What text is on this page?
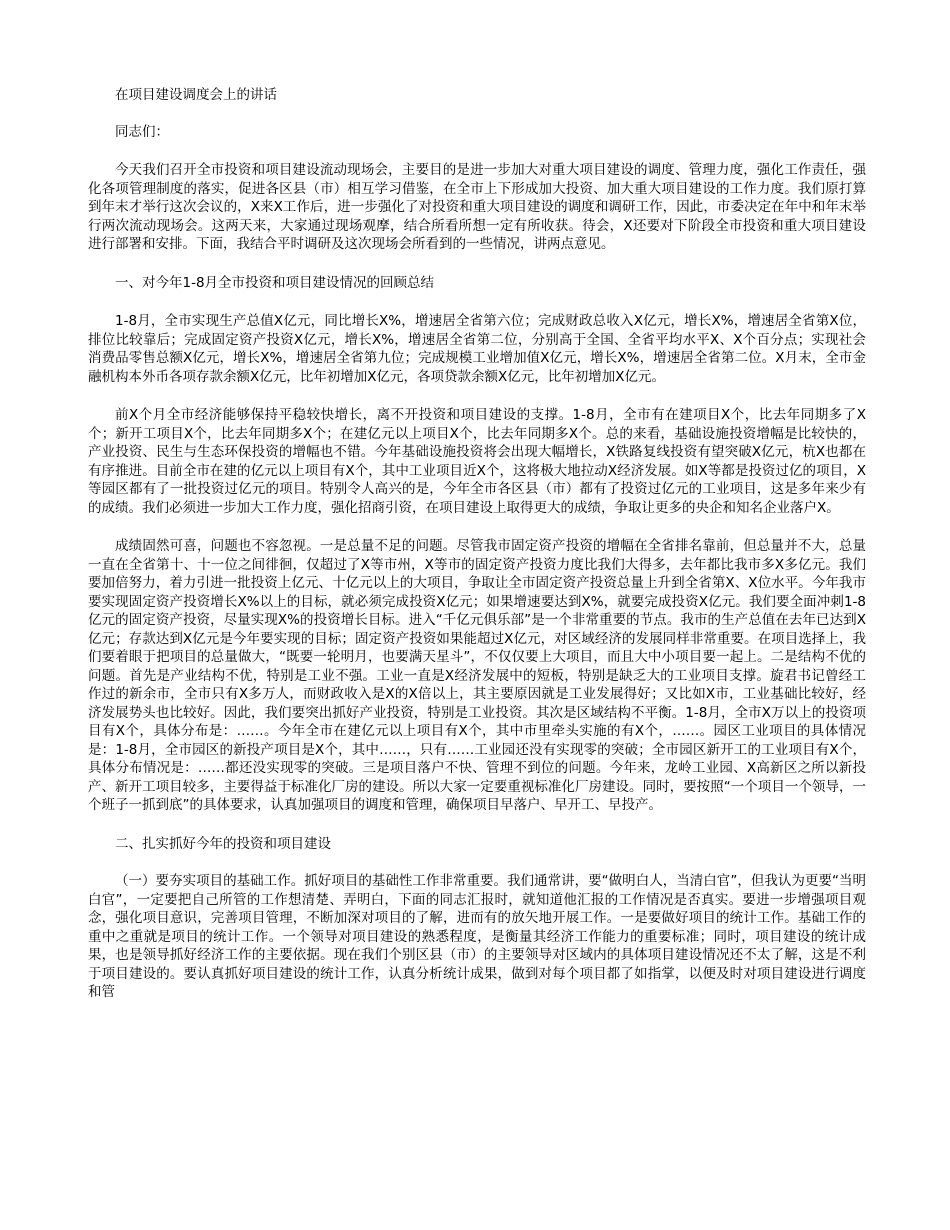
在项目建设调度会上的讲话

同志们：

今天我们召开全市投资和项目建设流动现场会，主要目的是进一步加大对重大项目建设的调度、管理力度，强化工作责任，强化各项管理制度的落实，促进各区县（市）相互学习借鉴，在全市上下形成加大投资、加大重大项目建设的工作力度。我们原打算到年末才举行这次会议的，X来X工作后，进一步强化了对投资和重大项目建设的调度和调研工作，因此，市委决定在年中和年末举行两次流动现场会。这两天来，大家通过现场观摩，结合所看所想一定有所收获。待会，X还要对下阶段全市投资和重大项目建设进行部署和安排。下面，我结合平时调研及这次现场会所看到的一些情况，讲两点意见。

一、对今年1-8月全市投资和项目建设情况的回顾总结

1-8月，全市实现生产总值X亿元，同比增长X%，增速居全省第六位；完成财政总收入X亿元，增长X%，增速居全省第X位，排位比较靠后；完成固定资产投资X亿元，增长X%，增速居全省第二位，分别高于全国、全省平均水平X、X个百分点；实现社会消费品零售总额X亿元，增长X%，增速居全省第九位；完成规模工业增加值X亿元，增长X%，增速居全省第二位。X月末，全市金融机构本外币各项存款余额X亿元，比年初增加X亿元，各项贷款余额X亿元，比年初增加X亿元。

前X个月全市经济能够保持平稳较快增长，离不开投资和项目建设的支撑。1-8月，全市有在建项目X个，比去年同期多了X个；新开工项目X个，比去年同期多X个；在建亿元以上项目X个，比去年同期多X个。总的来看，基础设施投资增幅是比较快的，产业投资、民生与生态环保投资的增幅也不错。今年基础设施投资将会出现大幅增长，X铁路复线投资有望突破X亿元，杭X也都在有序推进。目前全市在建的亿元以上项目有X个，其中工业项目近X个，这将极大地拉动X经济发展。如X等都是投资过亿的项目，X等园区都有了一批投资过亿元的项目。特别令人高兴的是，今年全市各区县（市）都有了投资过亿元的工业项目，这是多年来少有的成绩。我们必须进一步加大工作力度，强化招商引资，在项目建设上取得更大的成绩，争取让更多的央企和知名企业落户X。

成绩固然可喜，问题也不容忽视。一是总量不足的问题。尽管我市固定资产投资的增幅在全省排名靠前，但总量并不大，总量一直在全省第十、十一位之间徘徊，仅超过了X等市州，X等市的固定资产投资力度比我们大得多，去年都比我市多X多亿元。我们要加倍努力，着力引进一批投资上亿元、十亿元以上的大项目，争取让全市固定资产投资总量上升到全省第X、X位水平。今年我市要实现固定资产投资增长X%以上的目标，就必须完成投资X亿元；如果增速要达到X%，就要完成投资X亿元。我们要全面冲刺1-8亿元的固定资产投资，尽量实现X%的投资增长目标。进入“千亿元俱乐部”是一个非常重要的节点。我市的生产总值在去年已达到X亿元；存款达到X亿元是今年要实现的目标；固定资产投资如果能超过X亿元，对区域经济的发展同样非常重要。在项目选择上，我们要着眼于把项目的总量做大，“既要一轮明月，也要满天星斗”，不仅仅要上大项目，而且大中小项目要一起上。二是结构不优的问题。首先是产业结构不优，特别是工业不强。工业一直是X经济发展中的短板，特别是缺乏大的工业项目支撑。旋君书记曾经工作过的新余市，全市只有X多万人，而财政收入是X的X倍以上，其主要原因就是工业发展得好；又比如X市，工业基础比较好，经济发展势头也比较好。因此，我们要突出抓好产业投资，特别是工业投资。其次是区域结构不平衡。1-8月，全市X万以上的投资项目有X个，具体分布是：……。今年全市在建亿元以上项目有X个，其中市里牵头实施的有X个，……。园区工业项目的具体情况是：1-8月，全市园区的新投产项目是X个，其中……，只有……工业园还没有实现零的突破；全市园区新开工的工业项目有X个，具体分布情况是：……都还没实现零的突破。三是项目落户不快、管理不到位的问题。今年来，龙岭工业园、X高新区之所以新投产、新开工项目较多，主要得益于标准化厂房的建设。所以大家一定要重视标准化厂房建设。同时，要按照“一个项目一个领导，一个班子一抓到底”的具体要求，认真加强项目的调度和管理，确保项目早落户、早开工、早投产。

二、扎实抓好今年的投资和项目建设

（一）要夯实项目的基础工作。抓好项目的基础性工作非常重要。我们通常讲，要“做明白人，当清白官”，但我认为更要“当明白官”，一定要把自己所管的工作想清楚、弄明白，下面的同志汇报时，就知道他汇报的工作情况是否真实。要进一步增强项目观念，强化项目意识，完善项目管理，不断加深对项目的了解，进而有的放矢地开展工作。一是要做好项目的统计工作。基础工作的重中之重就是项目的统计工作。一个领导对项目建设的熟悉程度，是衡量其经济工作能力的重要标准；同时，项目建设的统计成果，也是领导抓好经济工作的主要依据。现在我们个别区县（市）的主要领导对区域内的具体项目建设情况还不太了解，这是不利于项目建设的。要认真抓好项目建设的统计工作，认真分析统计成果，做到对每个项目都了如指掌，以便及时对项目建设进行调度和管
